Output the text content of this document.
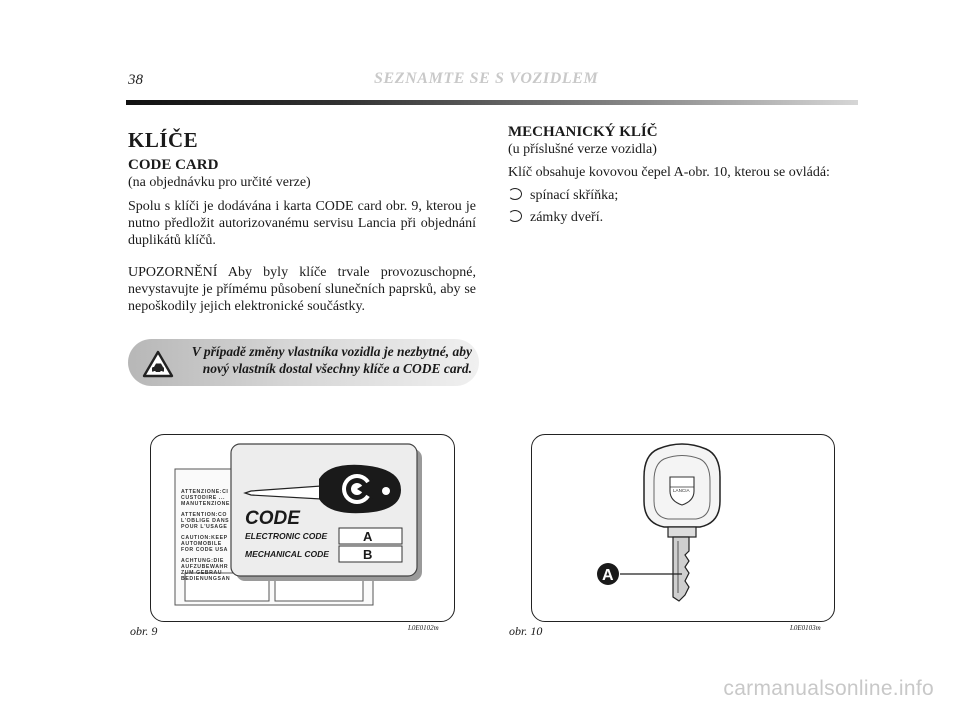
38	SEZNAMTE SE S VOZIDLEM
KLÍČE
CODE CARD
(na objednávku pro určité verze)
Spolu s klíči je dodávána i karta CODE card obr. 9, kterou je nutno předložit autorizovanému servisu Lancia při objednání duplikátů klíčů.
UPOZORNĚNÍ Aby byly klíče trvale provozuschopné, nevystavujte je přímému působení slunečních paprsků, aby se nepoškodily jejich elektronické součástky.
V případě změny vlastníka vozidla je nezbytné, aby
nový vlastník dostal všechny klíče a CODE card.
MECHANICKÝ KLÍČ
(u příslušné verze vozidla)
Klíč obsahuje kovovou čepel A-obr. 10, kterou se ovládá:
spínací skříňka;
zámky dveří.
ATTENZIONE:CI
CUSTODIRE ...
MANUTENZIONE
ATTENTION:CO
L'OBLIGE DANS
POUR L'USAGE
CAUTION:KEEP
AUTOMOBILE
FOR CODE USA
ACHTUNG:DIE
AUFZUBEWAHR
ZUM GEBRAU
BEDIENUNGSAN
CODE
ELECTRONIC CODE	A
MECHANICAL CODE	B
obr. 9	L0E0102m
LANCIA
A
obr. 10	L0E0103m
carmanualsonline.info
